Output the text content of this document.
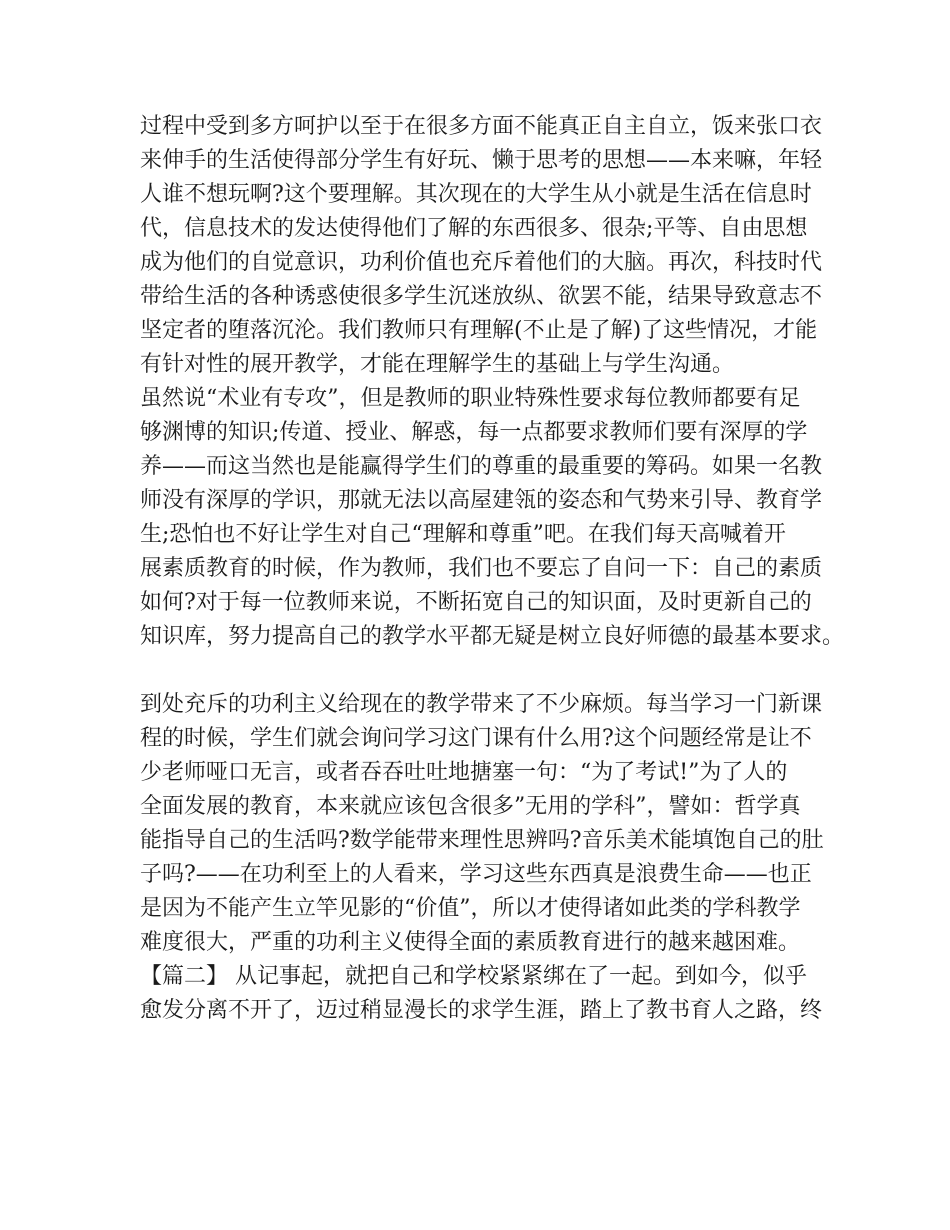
过程中受到多方呵护以至于在很多方面不能真正自主自立，饭来张口衣
来伸手的生活使得部分学生有好玩、懒于思考的思想——本来嘛，年轻
人谁不想玩啊?这个要理解。其次现在的大学生从小就是生活在信息时
代，信息技术的发达使得他们了解的东西很多、很杂;平等、自由思想
成为他们的自觉意识，功利价值也充斥着他们的大脑。再次，科技时代
带给生活的各种诱惑使很多学生沉迷放纵、欲罢不能，结果导致意志不
坚定者的堕落沉沦。我们教师只有理解(不止是了解)了这些情况，才能
有针对性的展开教学，才能在理解学生的基础上与学生沟通。
虽然说“术业有专攻”，但是教师的职业特殊性要求每位教师都要有足
够渊博的知识;传道、授业、解惑，每一点都要求教师们要有深厚的学
养——而这当然也是能赢得学生们的尊重的最重要的筹码。如果一名教
师没有深厚的学识，那就无法以高屋建瓴的姿态和气势来引导、教育学
生;恐怕也不好让学生对自己“理解和尊重”吧。在我们每天高喊着开
展素质教育的时候，作为教师，我们也不要忘了自问一下：自己的素质
如何?对于每一位教师来说，不断拓宽自己的知识面，及时更新自己的
知识库，努力提高自己的教学水平都无疑是树立良好师德的最基本要求。
到处充斥的功利主义给现在的教学带来了不少麻烦。每当学习一门新课
程的时候，学生们就会询问学习这门课有什么用?这个问题经常是让不
少老师哑口无言，或者吞吞吐吐地搪塞一句：“为了考试!”为了人的
全面发展的教育，本来就应该包含很多”无用的学科”，譬如：哲学真
能指导自己的生活吗?数学能带来理性思辨吗?音乐美术能填饱自己的肚
子吗?——在功利至上的人看来，学习这些东西真是浪费生命——也正
是因为不能产生立竿见影的“价值”，所以才使得诸如此类的学科教学
难度很大，严重的功利主义使得全面的素质教育进行的越来越困难。
【篇二】 从记事起，就把自己和学校紧紧绑在了一起。到如今，似乎
愈发分离不开了，迈过稍显漫长的求学生涯，踏上了教书育人之路，终
